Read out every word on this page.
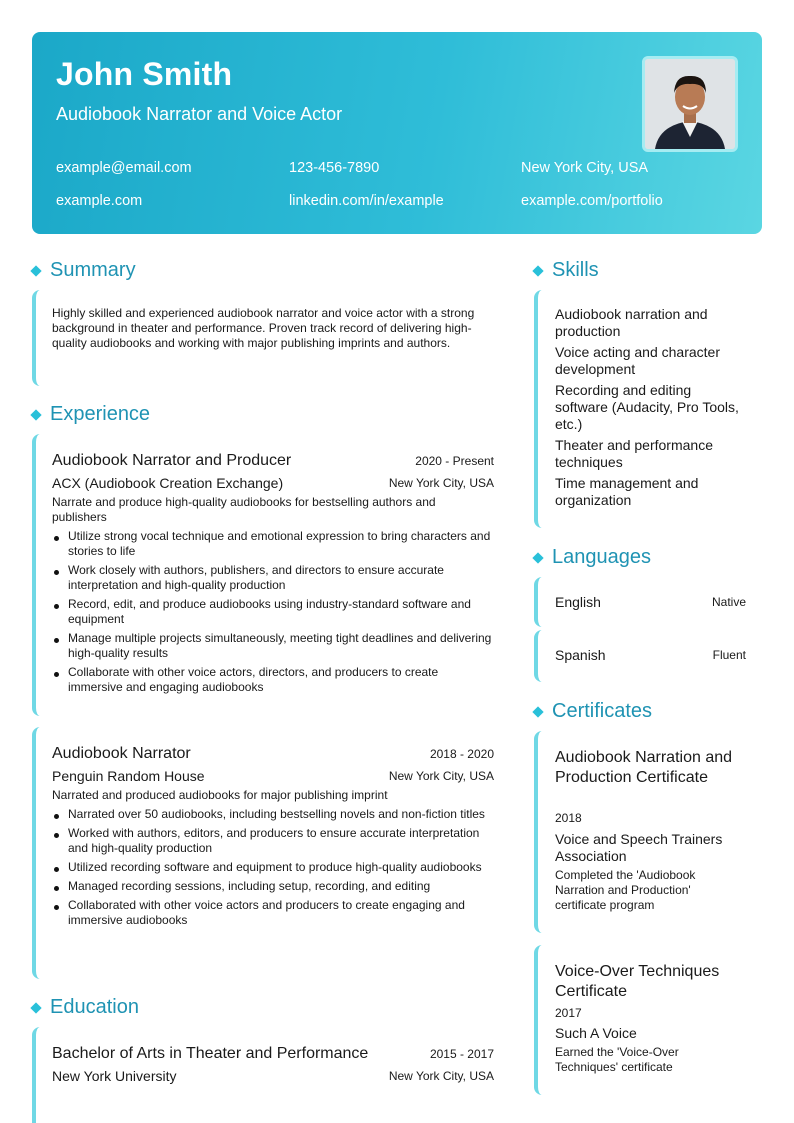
John Smith
Audiobook Narrator and Voice Actor
example@email.com	123-456-7890	New York City, USA
example.com	linkedin.com/in/example	example.com/portfolio
Summary
Highly skilled and experienced audiobook narrator and voice actor with a strong background in theater and performance. Proven track record of delivering high-quality audiobooks and working with major publishing imprints and authors.
Experience
Audiobook Narrator and Producer	2020 - Present
ACX (Audiobook Creation Exchange)	New York City, USA
Narrate and produce high-quality audiobooks for bestselling authors and publishers
Utilize strong vocal technique and emotional expression to bring characters and stories to life
Work closely with authors, publishers, and directors to ensure accurate interpretation and high-quality production
Record, edit, and produce audiobooks using industry-standard software and equipment
Manage multiple projects simultaneously, meeting tight deadlines and delivering high-quality results
Collaborate with other voice actors, directors, and producers to create immersive and engaging audiobooks
Audiobook Narrator	2018 - 2020
Penguin Random House	New York City, USA
Narrated and produced audiobooks for major publishing imprint
Narrated over 50 audiobooks, including bestselling novels and non-fiction titles
Worked with authors, editors, and producers to ensure accurate interpretation and high-quality production
Utilized recording software and equipment to produce high-quality audiobooks
Managed recording sessions, including setup, recording, and editing
Collaborated with other voice actors and producers to create engaging and immersive audiobooks
Education
Bachelor of Arts in Theater and Performance	2015 - 2017
New York University	New York City, USA
Skills
Audiobook narration and production
Voice acting and character development
Recording and editing software (Audacity, Pro Tools, etc.)
Theater and performance techniques
Time management and organization
Languages
English	Native
Spanish	Fluent
Certificates
Audiobook Narration and Production Certificate
2018
Voice and Speech Trainers Association
Completed the 'Audiobook Narration and Production' certificate program
Voice-Over Techniques Certificate
2017
Such A Voice
Earned the 'Voice-Over Techniques' certificate
